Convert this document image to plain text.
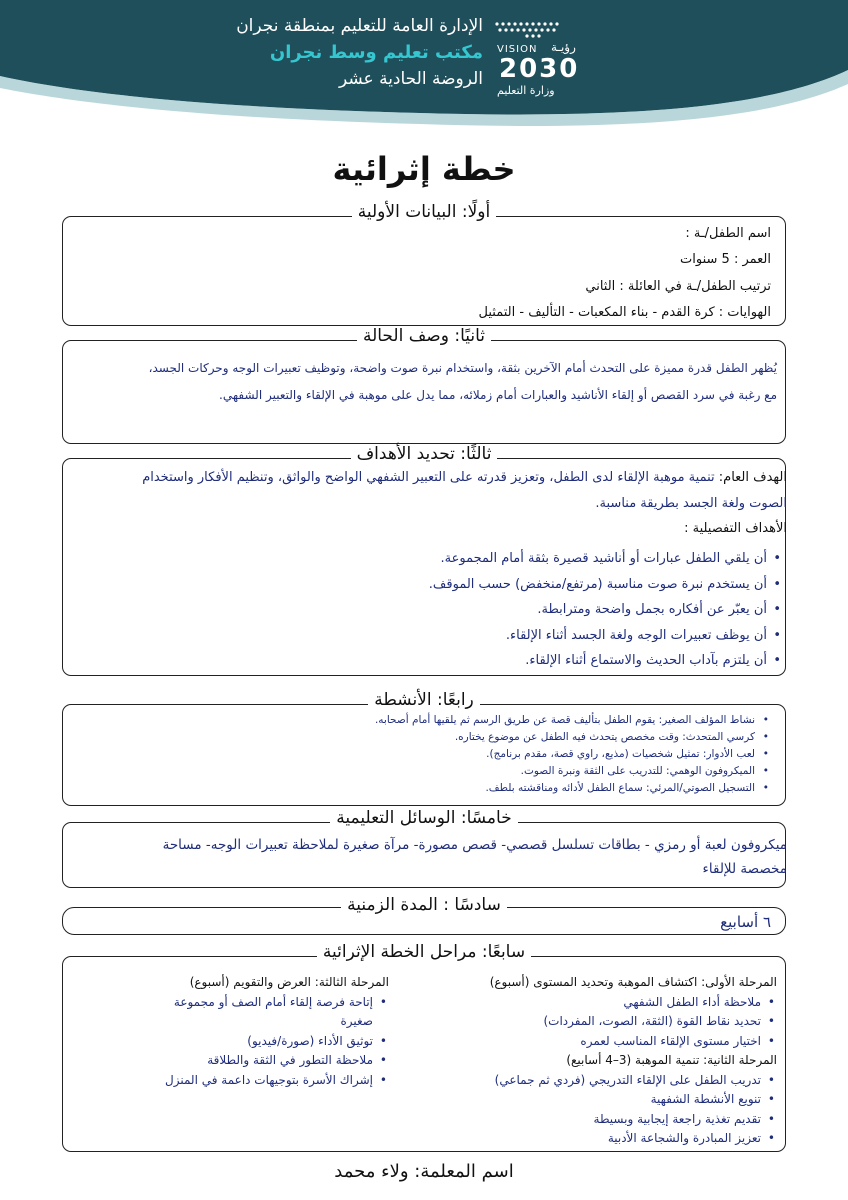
الإدارة العامة للتعليم بمنطقة نجران
مكتب تعليم وسط نجران
الروضة الحادية عشر
VISION رؤيـة
2030
وزارة التعليم
خطة إثرائية
أولًا: البيانات الأولية
اسم الطفل/ـة :
العمر : 5 سنوات
ترتيب الطفل/ـة في العائلة : الثاني
الهوايات : كرة القدم - بناء المكعبات - التأليف - التمثيل
ثانيًا: وصف الحالة
يُظهر الطفل قدرة مميزة على التحدث أمام الآخرين بثقة، واستخدام نبرة صوت واضحة، وتوظيف تعبيرات الوجه وحركات الجسد،
مع رغبة في سرد القصص أو إلقاء الأناشيد والعبارات أمام زملائه، مما يدل على موهبة في الإلقاء والتعبير الشفهي.
ثالثًا: تحديد الأهداف
الهدف العام: تنمية موهبة الإلقاء لدى الطفل، وتعزيز قدرته على التعبير الشفهي الواضح والواثق، وتنظيم الأفكار واستخدام
الصوت ولغة الجسد بطريقة مناسبة.
الأهداف التفصيلية :
• أن يلقي الطفل عبارات أو أناشيد قصيرة بثقة أمام المجموعة.
• أن يستخدم نبرة صوت مناسبة (مرتفع/منخفض) حسب الموقف.
• أن يعبّر عن أفكاره بجمل واضحة ومترابطة.
• أن يوظف تعبيرات الوجه ولغة الجسد أثناء الإلقاء.
• أن يلتزم بآداب الحديث والاستماع أثناء الإلقاء.
رابعًا: الأنشطة
• نشاط المؤلف الصغير: يقوم الطفل بتأليف قصة عن طريق الرسم ثم يلقيها أمام أصحابه.
• كرسي المتحدث: وقت مخصص يتحدث فيه الطفل عن موضوع يختاره.
• لعب الأدوار: تمثيل شخصيات (مذيع، راوي قصة، مقدم برنامج).
• الميكروفون الوهمي: للتدريب على الثقة ونبرة الصوت.
• التسجيل الصوتي/المرئي: سماع الطفل لأدائه ومناقشته بلطف.
خامسًا: الوسائل التعليمية
ميكروفون لعبة أو رمزي - بطاقات تسلسل قصصي- قصص مصورة- مرآة صغيرة لملاحظة تعبيرات الوجه- مساحة
مخصصة للإلقاء
سادسًا : المدة الزمنية
٦ أسابيع
سابعًا: مراحل الخطة الإثرائية
المرحلة الأولى: اكتشاف الموهبة وتحديد المستوى (أسبوع)
• ملاحظة أداء الطفل الشفهي
• تحديد نقاط القوة (الثقة، الصوت، المفردات)
• اختيار مستوى الإلقاء المناسب لعمره
المرحلة الثانية: تنمية الموهبة (3–4 أسابيع)
• تدريب الطفل على الإلقاء التدريجي (فردي ثم جماعي)
• تنويع الأنشطة الشفهية
• تقديم تغذية راجعة إيجابية وبسيطة
• تعزيز المبادرة والشجاعة الأدبية
المرحلة الثالثة: العرض والتقويم (أسبوع)
• إتاحة فرصة إلقاء أمام الصف أو مجموعة صغيرة
• توثيق الأداء (صورة/فيديو)
• ملاحظة التطور في الثقة والطلاقة
• إشراك الأسرة بتوجيهات داعمة في المنزل
اسم المعلمة: ولاء محمد
